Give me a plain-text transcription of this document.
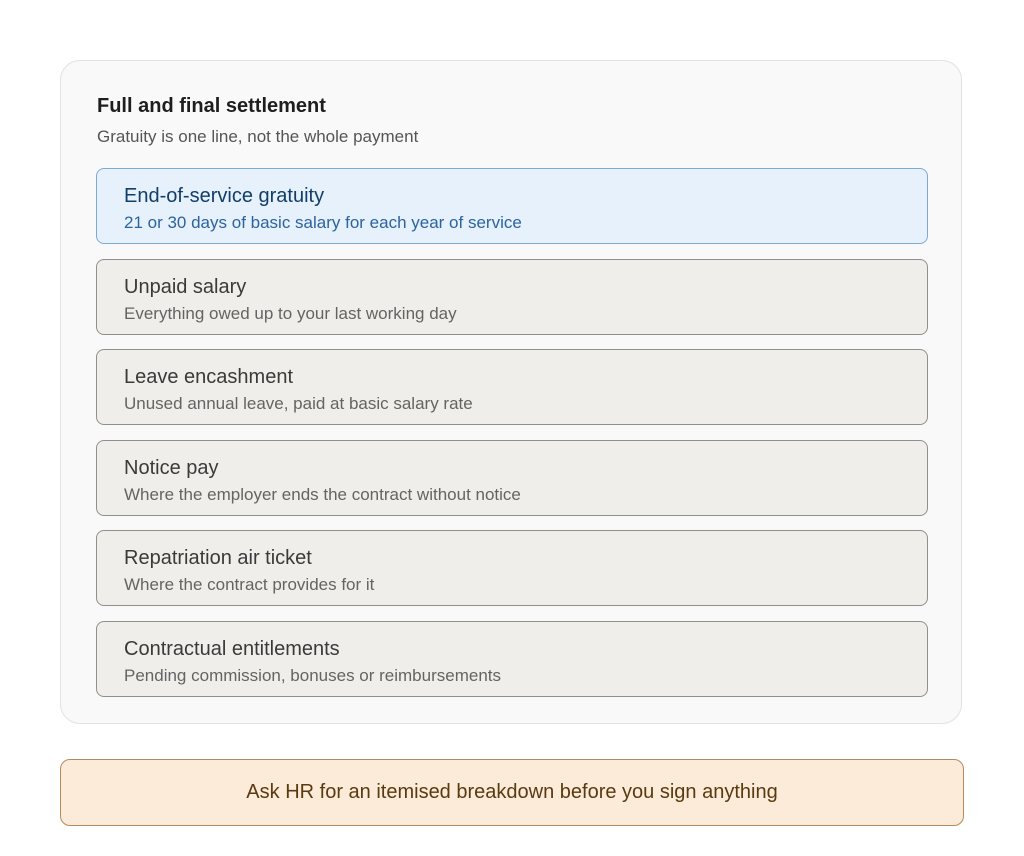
Full and final settlement
Gratuity is one line, not the whole payment
End-of-service gratuity
21 or 30 days of basic salary for each year of service
Unpaid salary
Everything owed up to your last working day
Leave encashment
Unused annual leave, paid at basic salary rate
Notice pay
Where the employer ends the contract without notice
Repatriation air ticket
Where the contract provides for it
Contractual entitlements
Pending commission, bonuses or reimbursements
Ask HR for an itemised breakdown before you sign anything
